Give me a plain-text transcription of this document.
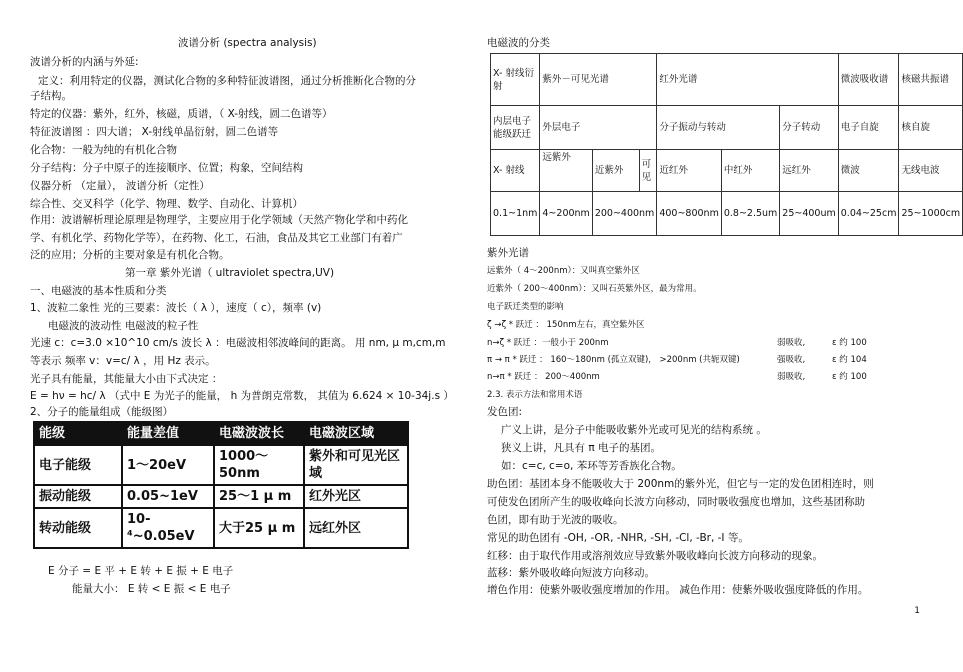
波谱分析 (spectra analysis)
波谱分析的内涵与外延:
定义：利用特定的仪器，测试化合物的多种特征波谱图，通过分析推断化合物的分
子结构。
特定的仪器：紫外，红外，核磁，质谱，（ X-射线，圆二色谱等）
特征波谱图 ：四大谱； X-射线单晶衍射，圆二色谱等
化合物：一般为纯的有机化合物
分子结构：分子中原子的连接顺序、位置；构象，空间结构
仪器分析 （定量）， 波谱分析（定性）
综合性、交叉科学（化学、物理、数学、自动化、计算机）
作用：波谱解析理论原理是物理学，主要应用于化学领域（天然产物化学和中药化
学、有机化学、药物化学等），在药物、化工，石油，食品及其它工业部门有着广
泛的应用；分析的主要对象是有机化合物。
第一章 紫外光谱（ ultraviolet spectra,UV)
一、电磁波的基本性质和分类
1、波粒二象性 光的三要素：波长（ λ ），速度（ c），频率 (v)
电磁波的波动性 电磁波的粒子性
光速 c：c=3.0 ×10^10 cm/s 波长 λ ：电磁波相邻波峰间的距离。 用 nm, μ m,cm,m
等表示 频率 v：v=c/ λ ，用 Hz 表示。
光子具有能量，其能量大小由下式决定 ：
E = hν = hc/ λ （式中 E 为光子的能量， h 为普朗克常数， 其值为 6.624 × 10-34j.s ）
2、分子的能量组成（能级图）
能级	能量差值	电磁波波长	电磁波区域
电子能级	1～20eV	1000～50nm	紫外和可见光区域
振动能级	0.05~1eV	25～1 μ m	红外光区
转动能级	10-⁴~0.05eV	大于25 μ m	远红外区
E 分子 = E 平 + E 转 + E 振 + E 电子
能量大小： E 转 < E 振 < E 电子
电磁波的分类
X- 射线衍射	紫外－可见光谱			红外光谱			微波吸收谱	核磁共振谱
内层电子能级跃迁	外层电子			分子振动与转动		分子转动	电子自旋	核自旋
X- 射线	远紫外	近紫外	可见	近红外	中红外	远红外	微波	无线电波
0.1~1nm	4~200nm	200~400nm		400~800nm	0.8~2.5um	25~400um	0.04~25cm	25~1000cm
紫外光谱
远紫外（ 4～200nm）：又叫真空紫外区
近紫外（ 200～400nm）：又叫石英紫外区，最为常用。
电子跃迁类型的影响
ζ →ζ * 跃迁 ： 150nm左右，真空紫外区
n→ζ * 跃迁 ：一般小于 200nm	弱吸收,	ε 约 100
π → π * 跃迁 ： 160～180nm (孤立双键)， >200nm (共轭双键)	强吸收,	ε 约 104
n→π * 跃迁 ： 200～400nm	弱吸收,	ε 约 100
2.3. 表示方法和常用术语
发色团:
广义上讲，是分子中能吸收紫外光或可见光的结构系统 。
狭义上讲，凡具有 π 电子的基团。
如：c=c, c=o, 苯环等芳香族化合物。
助色团：基团本身不能吸收大于 200nm的紫外光，但它与一定的发色团相连时，则
可使发色团所产生的吸收峰向长波方向移动，同时吸收强度也增加，这些基团称助
色团，即有助于光波的吸收。
常见的助色团有 -OH, -OR, -NHR, -SH, -Cl, -Br, -I 等。
红移：由于取代作用或溶剂效应导致紫外吸收峰向长波方向移动的现象。
蓝移：紫外吸收峰向短波方向移动。
增色作用：使紫外吸收强度增加的作用。 减色作用：使紫外吸收强度降低的作用。
1
